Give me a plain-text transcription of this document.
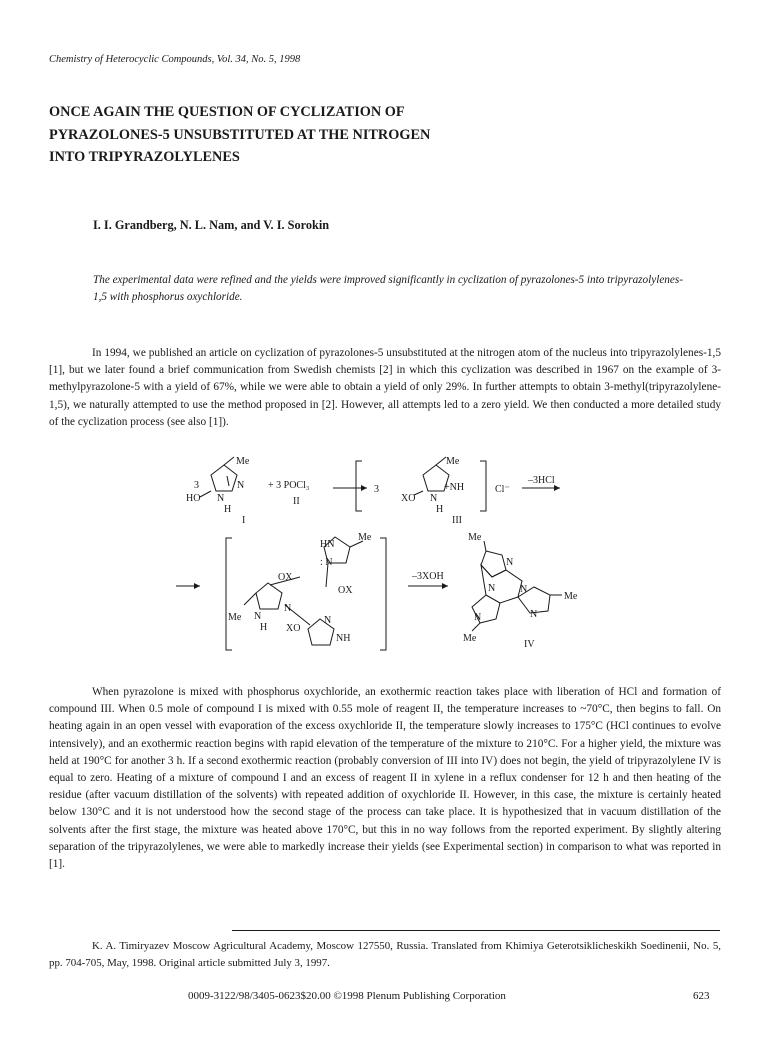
Chemistry of Heterocyclic Compounds, Vol. 34, No. 5, 1998
ONCE AGAIN THE QUESTION OF CYCLIZATION OF
PYRAZOLONES-5 UNSUBSTITUTED AT THE NITROGEN
INTO TRIPYRAZOLYLENES
I. I. Grandberg, N. L. Nam, and V. I. Sorokin

The experimental data were refined and the yields were improved significantly in cyclization of pyrazolones-5 into tripyrazolylenes-1,5 with phosphorus oxychloride.

In 1994, we published an article on cyclization of pyrazolones-5 unsubstituted at the nitrogen atom of the nucleus into tripyrazolylenes-1,5 [1], but we later found a brief communication from Swedish chemists [2] in which this cyclization was described in 1967 on the example of 3-methylpyrazolone-5 with a yield of 67%, while we were able to obtain a yield of only 29%. In further attempts to obtain 3-methyl(tripyrazolylene-1,5), we naturally attempted to use the method proposed in [2]. However, all attempts led to a zero yield. We then conducted a more detailed study of the cyclization process (see also [1]).

3
Me
N
HO N
H
I
+ 3 POCl₃
II
3
Me
+NH
XO N
H
III
Cl⁻
–3HCl
HN
Me
: N
OX
OX
Me N
H
N
XO
N
NH
–3XOH
Me
N
N N
Me
N
N
Me
IV

When pyrazolone is mixed with phosphorus oxychloride, an exothermic reaction takes place with liberation of HCl and formation of compound III. When 0.5 mole of compound I is mixed with 0.55 mole of reagent II, the temperature increases to ~70°C, then begins to fall. On heating again in an open vessel with evaporation of the excess oxychloride II, the temperature slowly increases to 175°C (HCl continues to evolve intensively), and an exothermic reaction begins with rapid elevation of the temperature of the mixture to 210°C. For a higher yield, the mixture was held at 190°C for another 3 h. If a second exothermic reaction (probably conversion of III into IV) does not begin, the yield of tripyrazolylene IV is equal to zero. Heating of a mixture of compound I and an excess of reagent II in xylene in a reflux condenser for 12 h and then heating of the residue (after vacuum distillation of the solvents) with repeated addition of oxychloride II. However, in this case, the mixture is certainly heated below 130°C and it is not understood how the second stage of the process can take place. It is hypothesized that in vacuum distillation of the solvents after the first stage, the mixture was heated above 170°C, but this in no way follows from the reported experiment. By slightly altering separation of the tripyrazolylenes, we were able to markedly increase their yields (see Experimental section) in comparison to what was reported in [1].

K. A. Timiryazev Moscow Agricultural Academy, Moscow 127550, Russia. Translated from Khimiya Geterotsiklicheskikh Soedinenii, No. 5, pp. 704-705, May, 1998. Original article submitted July 3, 1997.

0009-3122/98/3405-0623$20.00 ©1998 Plenum Publishing Corporation	623
